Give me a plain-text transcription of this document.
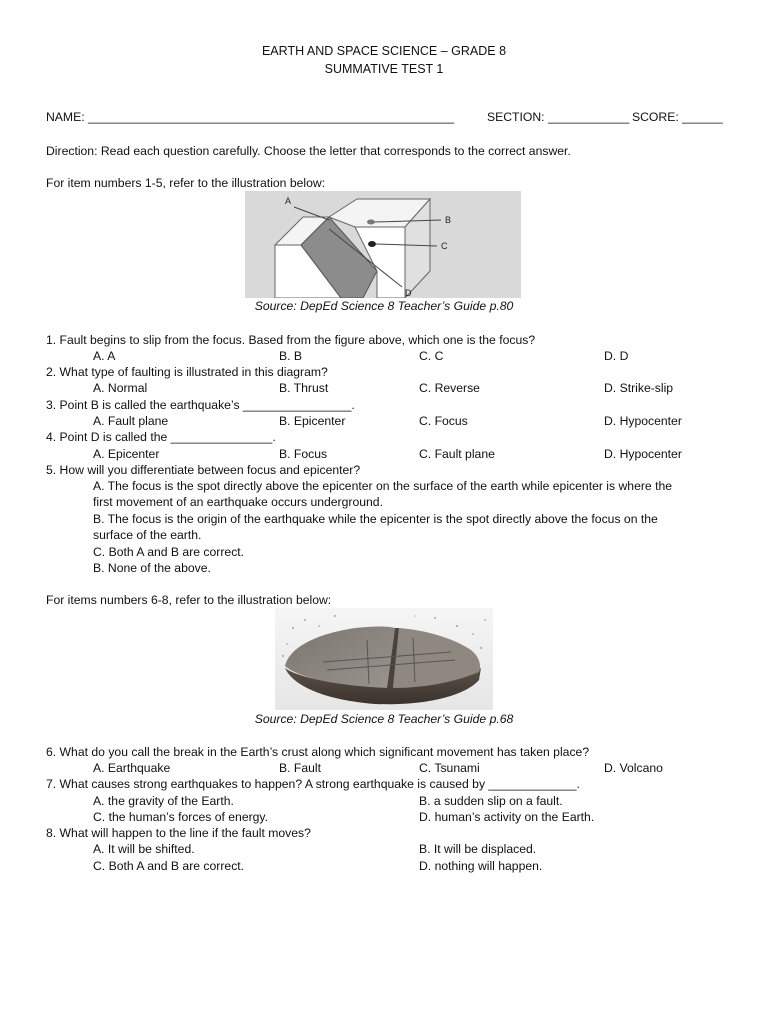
EARTH AND SPACE SCIENCE – GRADE 8
SUMMATIVE TEST 1
NAME: ______________________________________________________	SECTION: ____________ SCORE: ______
Direction: Read each question carefully. Choose the letter that corresponds to the correct answer.
For item numbers 1-5, refer to the illustration below:
A
B
C
D
Source: DepEd Science 8 Teacher’s Guide p.80
1. Fault begins to slip from the focus. Based from the figure above, which one is the focus?
A. A	B. B	C. C	D. D
2. What type of faulting is illustrated in this diagram?
A. Normal	B. Thrust	C. Reverse	D. Strike-slip
3. Point B is called the earthquake’s ________________.
A. Fault plane	B. Epicenter	C. Focus	D. Hypocenter
4. Point D is called the _______________.
A. Epicenter	B. Focus	C. Fault plane	D. Hypocenter
5. How will you differentiate between focus and epicenter?
A. The focus is the spot directly above the epicenter on the surface of the earth while epicenter is where the
first movement of an earthquake occurs underground.
B. The focus is the origin of the earthquake while the epicenter is the spot directly above the focus on the
surface of the earth.
C. Both A and B are correct.
B. None of the above.
For items numbers 6-8, refer to the illustration below:
Source: DepEd Science 8 Teacher’s Guide p.68
6. What do you call the break in the Earth’s crust along which significant movement has taken place?
A. Earthquake	B. Fault	C. Tsunami	D. Volcano
7. What causes strong earthquakes to happen? A strong earthquake is caused by _____________.
A. the gravity of the Earth.	B. a sudden slip on a fault.
C. the human’s forces of energy.	D. human’s activity on the Earth.
8. What will happen to the line if the fault moves?
A. It will be shifted.	B. It will be displaced.
C. Both A and B are correct.	D. nothing will happen.
